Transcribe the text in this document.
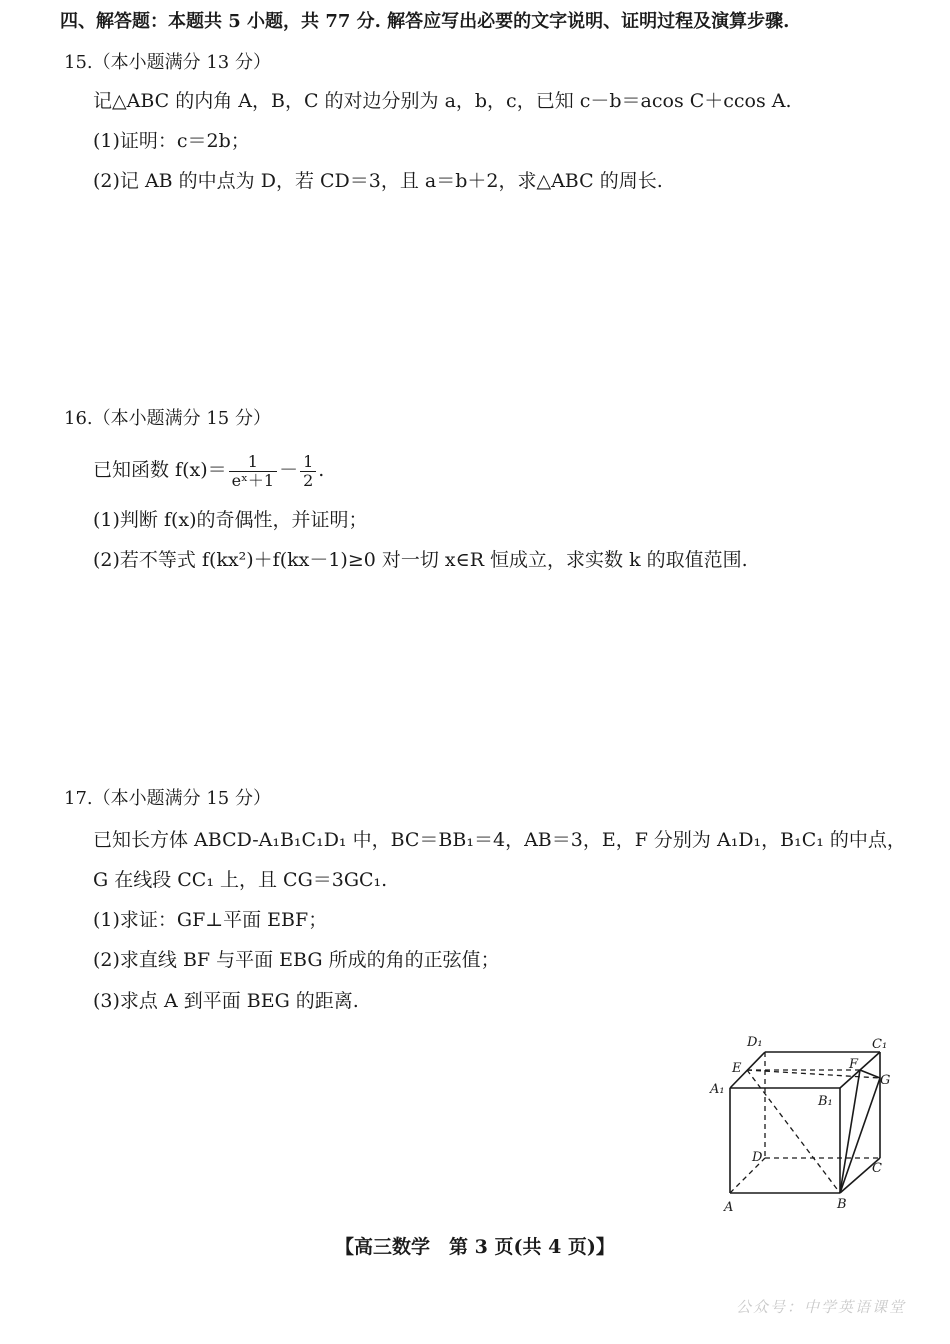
四、解答题：本题共 5 小题，共 77 分. 解答应写出必要的文字说明、证明过程及演算步骤.
15.（本小题满分 13 分）
记△ABC 的内角 A，B，C 的对边分别为 a，b，c，已知 c－b＝acos C＋ccos A.
(1)证明：c＝2b；
(2)记 AB 的中点为 D，若 CD＝3，且 a＝b＋2，求△ABC 的周长.
16.（本小题满分 15 分）
已知函数 $f(x)= \frac{1}{\text{eˣ＋1}} - \frac{1}{2}$ .
(1)判断 f(x)的奇偶性，并证明；
(2)若不等式 f(kx²)＋f(kx－1)≥0 对一切 x∈R 恒成立，求实数 k 的取值范围.
17.（本小题满分 15 分）
已知长方体 ABCD-A₁B₁C₁D₁ 中，BC＝BB₁＝4，AB＝3，E，F 分别为 A₁D₁，B₁C₁ 的中点，
G 在线段 CC₁ 上，且 CG＝3GC₁.
(1)求证：GF⊥平面 EBF；
(2)求直线 BF 与平面 EBG 所成的角的正弦值；
(3)求点 A 到平面 BEG 的距离.
D₁	C₁
E	F
G
A₁
B₁
D
C
A	B
【高三数学　第 3 页(共 4 页)】
公众号：中学英语课堂
